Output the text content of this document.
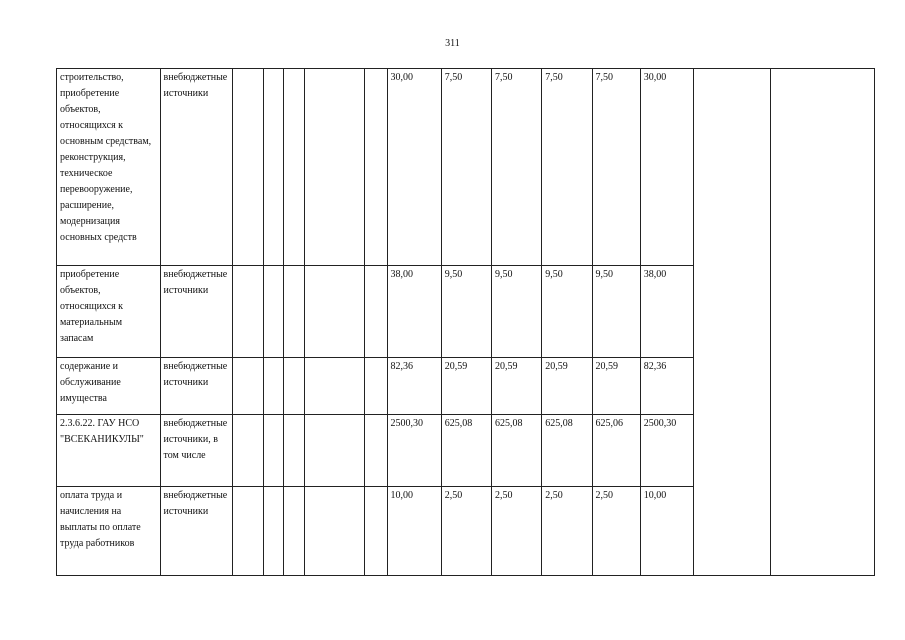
311
строительство, приобретение объектов, относящихся к основным средствам, реконструкция, техническое перевооружение, расширение, модернизация основных средств	внебюджетные источники						30,00	7,50	7,50	7,50	7,50	30,00		
приобретение объектов, относящихся к материальным запасам	внебюджетные источники						38,00	9,50	9,50	9,50	9,50	38,00		
содержание и обслуживание имущества	внебюджетные источники						82,36	20,59	20,59	20,59	20,59	82,36		
2.3.6.22. ГАУ НСО "ВСЕКАНИКУЛЫ"	внебюджетные источники, в том числе						2500,30	625,08	625,08	625,08	625,06	2500,30		
оплата труда и начисления на выплаты по оплате труда работников	внебюджетные источники						10,00	2,50	2,50	2,50	2,50	10,00		
